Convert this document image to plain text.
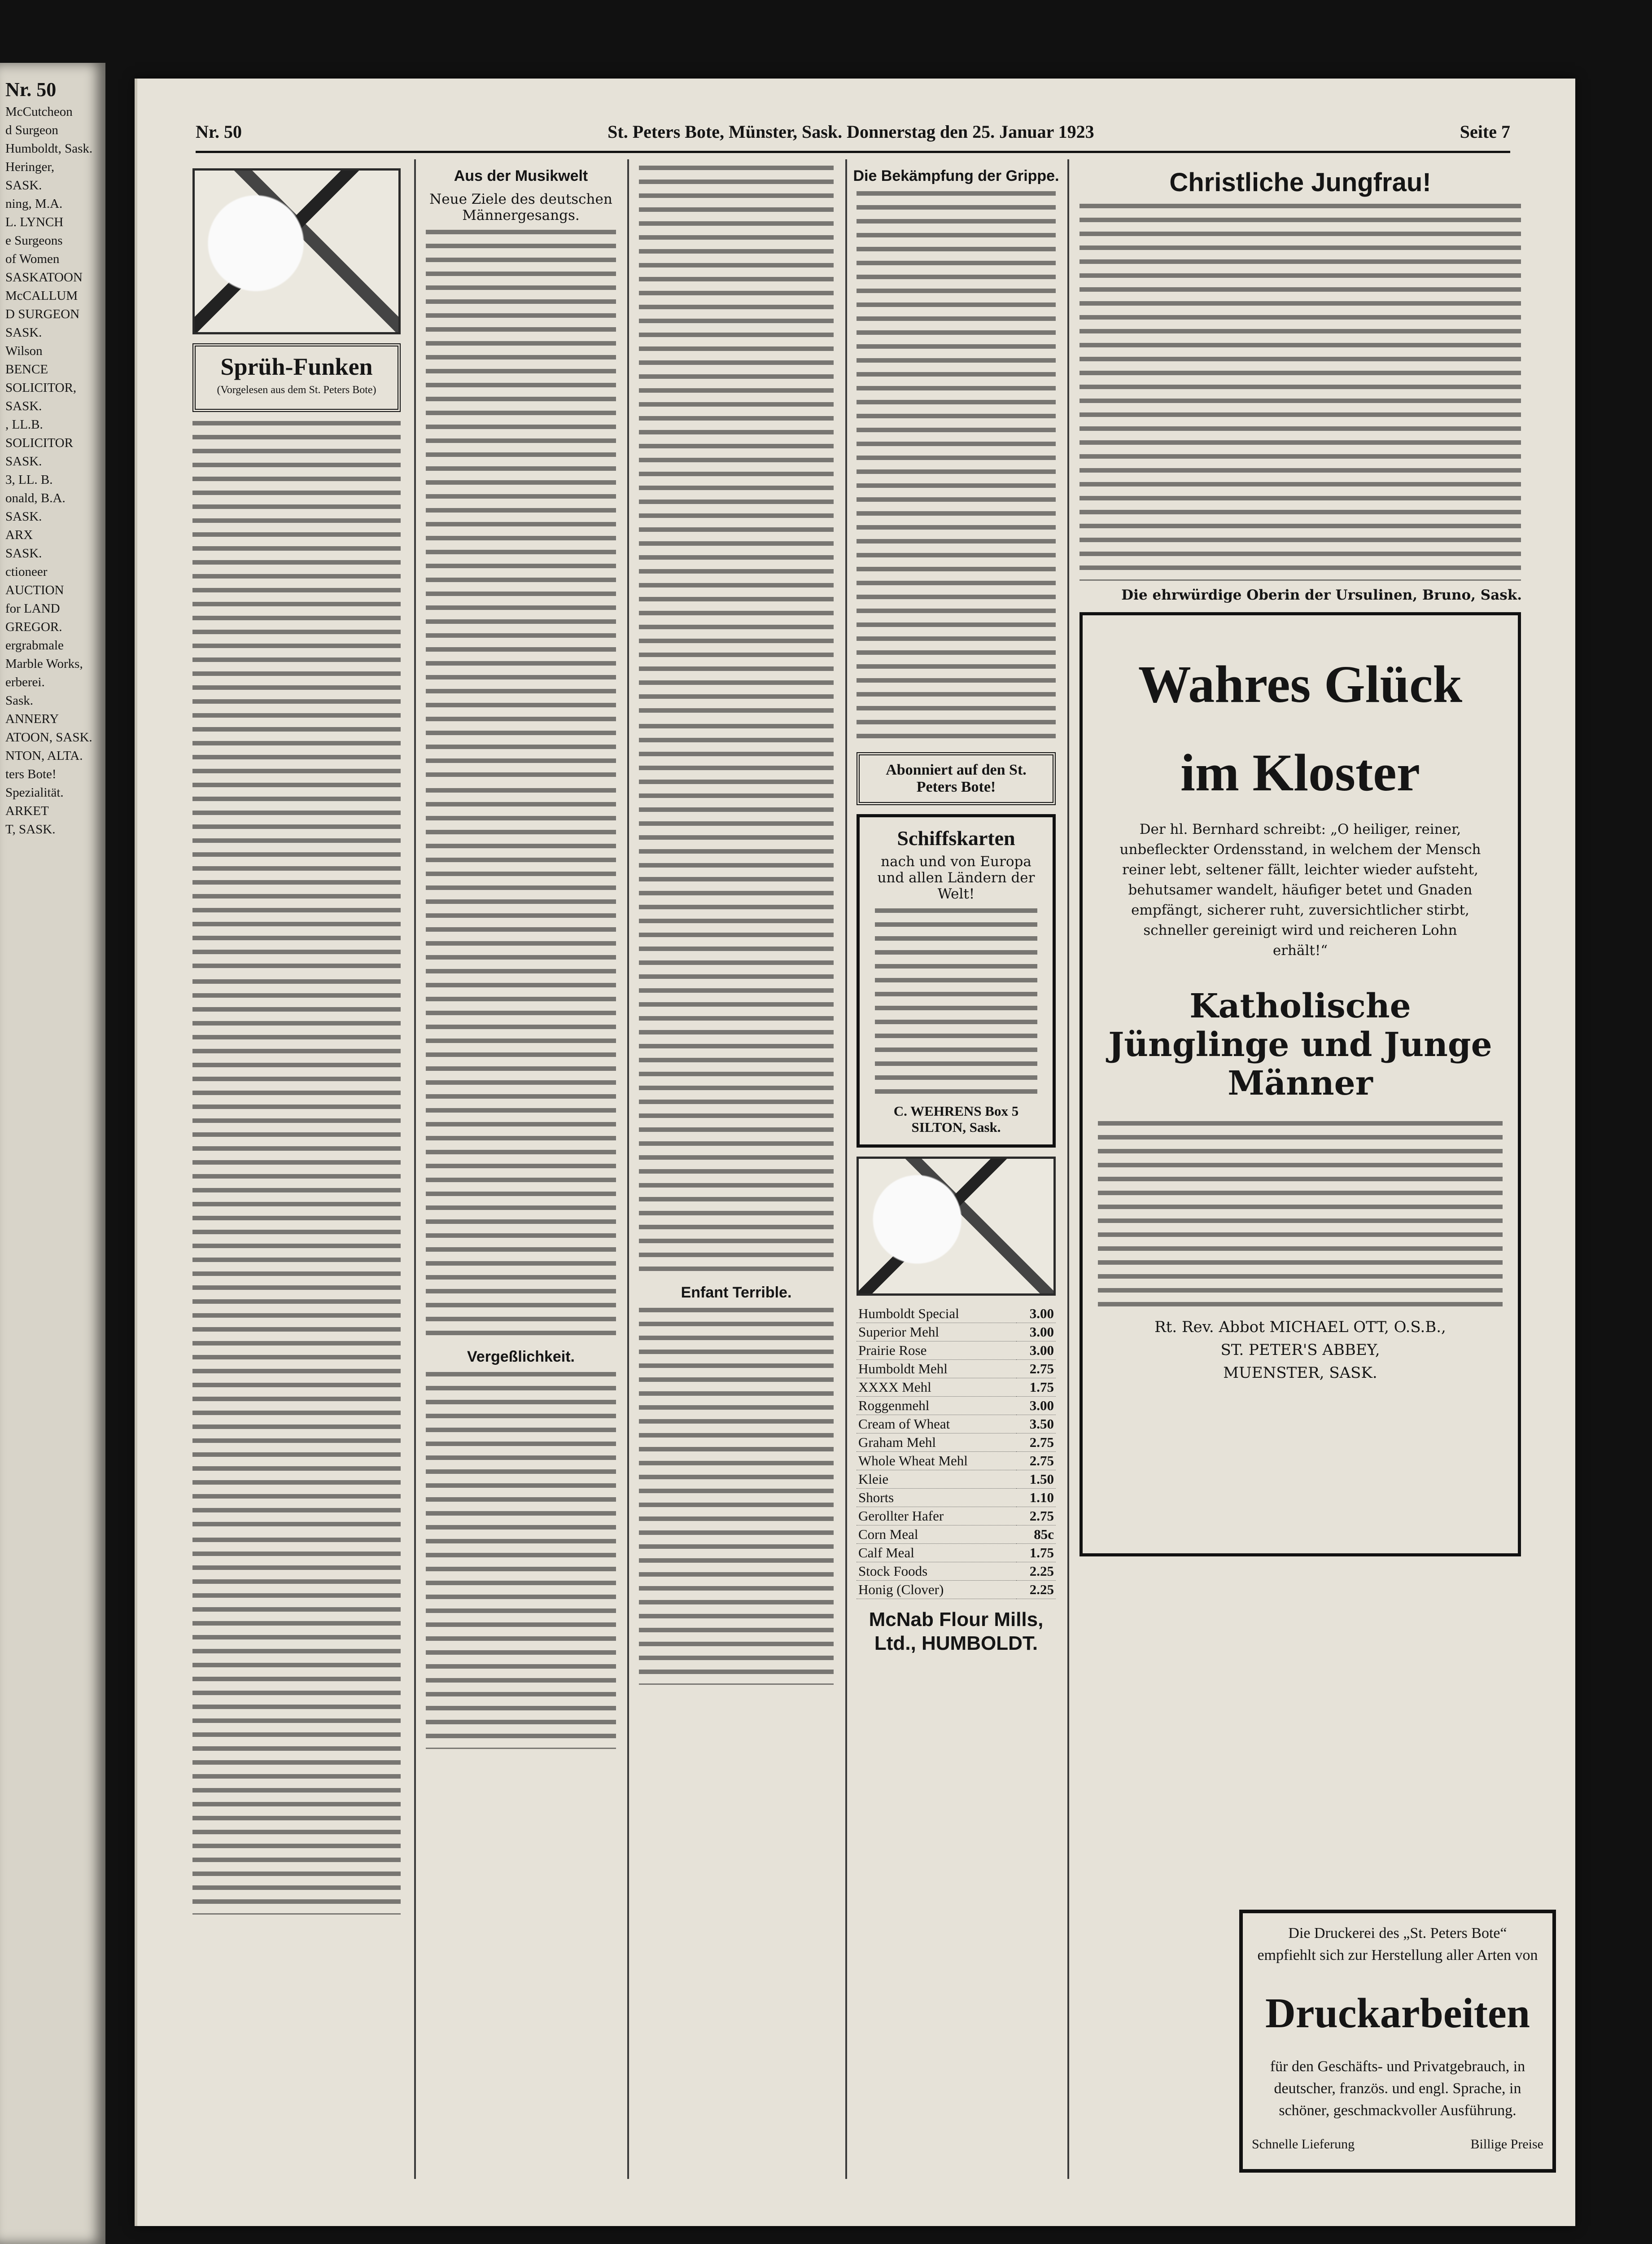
Nr. 50
McCutcheon
d Surgeon
Humboldt, Sask.
Heringer,
SASK.
ning, M.A.
L. LYNCH
e Surgeons
of Women
SASKATOON
McCALLUM
D SURGEON
SASK.
Wilson
BENCE
SOLICITOR,
SASK.
, LL.B.
SOLICITOR
SASK.
3, LL. B.
onald, B.A.
SASK.
ARX
SASK.
ctioneer
AUCTION
for LAND
GREGOR.
ergrabmale
Marble Works,
erberei.
Sask.
ANNERY
ATOON, SASK.
NTON, ALTA.
ters Bote!
Spezialität.
ARKET
T, SASK.
Nr. 50	St. Peters Bote, Münster, Sask. Donnerstag den 25. Januar 1923	Seite 7
Sprüh-Funken
(Vorgelesen aus dem St. Peters Bote)
Aus der Musikwelt
Neue Ziele des deutschen Männergesangs.
Vergeßlichkeit.
Enfant Terrible.
Die Bekämpfung der Grippe.
Abonniert auf den St. Peters Bote!
Schiffskarten
nach und von Europa und allen Ländern der Welt!
C. WEHRENS Box 5 SILTON, Sask.
Humboldt Special	3.00
Superior Mehl	3.00
Prairie Rose	3.00
Humboldt Mehl	2.75
XXXX Mehl	1.75
Roggenmehl	3.00
Cream of Wheat	3.50
Graham Mehl	2.75
Whole Wheat Mehl	2.75
Kleie	1.50
Shorts	1.10
Gerollter Hafer	2.75
Corn Meal	85c
Calf Meal	1.75
Stock Foods	2.25
Honig (Clover)	2.25
McNab Flour Mills, Ltd., HUMBOLDT.
Christliche Jungfrau!
Die ehrwürdige Oberin der Ursulinen, Bruno, Sask.
Wahres Glück
im Kloster
Der hl. Bernhard schreibt: „O heiliger, reiner, unbefleckter Ordensstand, in welchem der Mensch reiner lebt, seltener fällt, leichter wieder aufsteht, behutsamer wandelt, häufiger betet und Gnaden empfängt, sicherer ruht, zuversichtlicher stirbt, schneller gereinigt wird und reicheren Lohn erhält!“
Katholische Jünglinge und Junge Männer
Rt. Rev. Abbot MICHAEL OTT, O.S.B.,
ST. PETER'S ABBEY,
MUENSTER, SASK.
Die Druckerei des „St. Peters Bote“
empfiehlt sich zur Herstellung aller Arten von
Druckarbeiten
für den Geschäfts- und Privatgebrauch, in deutscher, französ. und engl. Sprache, in schöner, geschmackvoller Ausführung.
Schnelle Lieferung	Billige Preise
